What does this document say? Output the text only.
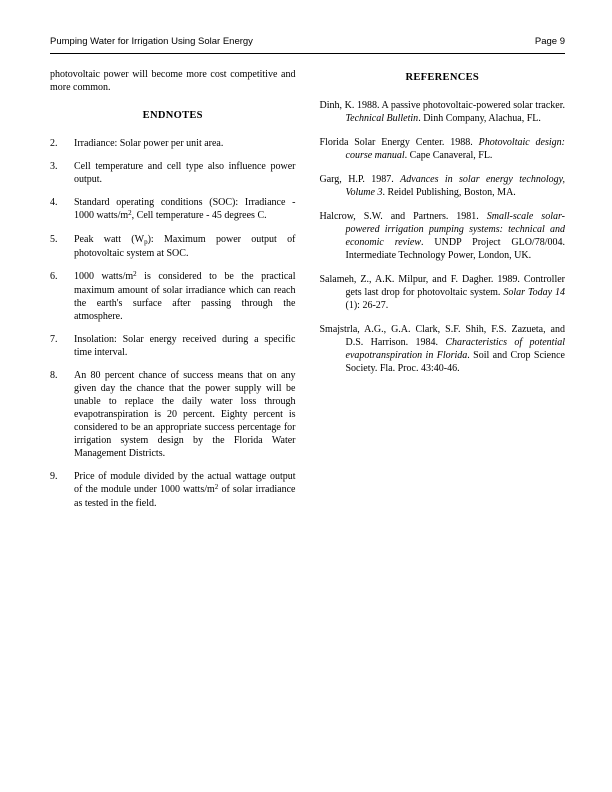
Pumping Water for Irrigation Using Solar Energy	Page 9

photovoltaic power will become more cost competitive and more common.

ENDNOTES
2.	Irradiance: Solar power per unit area.
3.	Cell temperature and cell type also influence power output.
4.	Standard operating conditions (SOC): Irradiance - 1000 watts/$m^2$, Cell temperature - 45 degrees C.
5.	Peak watt (Wp): Maximum power output of photovoltaic system at SOC.
6.	1000 watts/$m^2$ is considered to be the practical maximum amount of solar irradiance which can reach the earth's surface after passing through the atmosphere.
7.	Insolation: Solar energy received during a specific time interval.
8.	An 80 percent chance of success means that on any given day the chance that the power supply will be unable to replace the daily water loss through evapotranspiration is 20 percent. Eighty percent is considered to be an appropriate success percentage for irrigation system design by the Florida Water Management Districts.
9.	Price of module divided by the actual wattage output of the module under 1000 watts/$m^2$ of solar irradiance as tested in the field.
REFERENCES

Dinh, K. 1988. A passive photovoltaic-powered solar tracker. Technical Bulletin. Dinh Company, Alachua, FL.

Florida Solar Energy Center. 1988. Photovoltaic design: course manual. Cape Canaveral, FL.

Garg, H.P. 1987. Advances in solar energy technology, Volume 3. Reidel Publishing, Boston, MA.

Halcrow, S.W. and Partners. 1981. Small-scale solar-powered irrigation pumping systems: technical and economic review. UNDP Project GLO/78/004. Intermediate Technology Power, London, UK.

Salameh, Z., A.K. Milpur, and F. Dagher. 1989. Controller gets last drop for photovoltaic system. Solar Today 14 (1): 26-27.

Smajstrla, A.G., G.A. Clark, S.F. Shih, F.S. Zazueta, and D.S. Harrison. 1984. Characteristics of potential evapotranspiration in Florida. Soil and Crop Science Society. Fla. Proc. 43:40-46.
